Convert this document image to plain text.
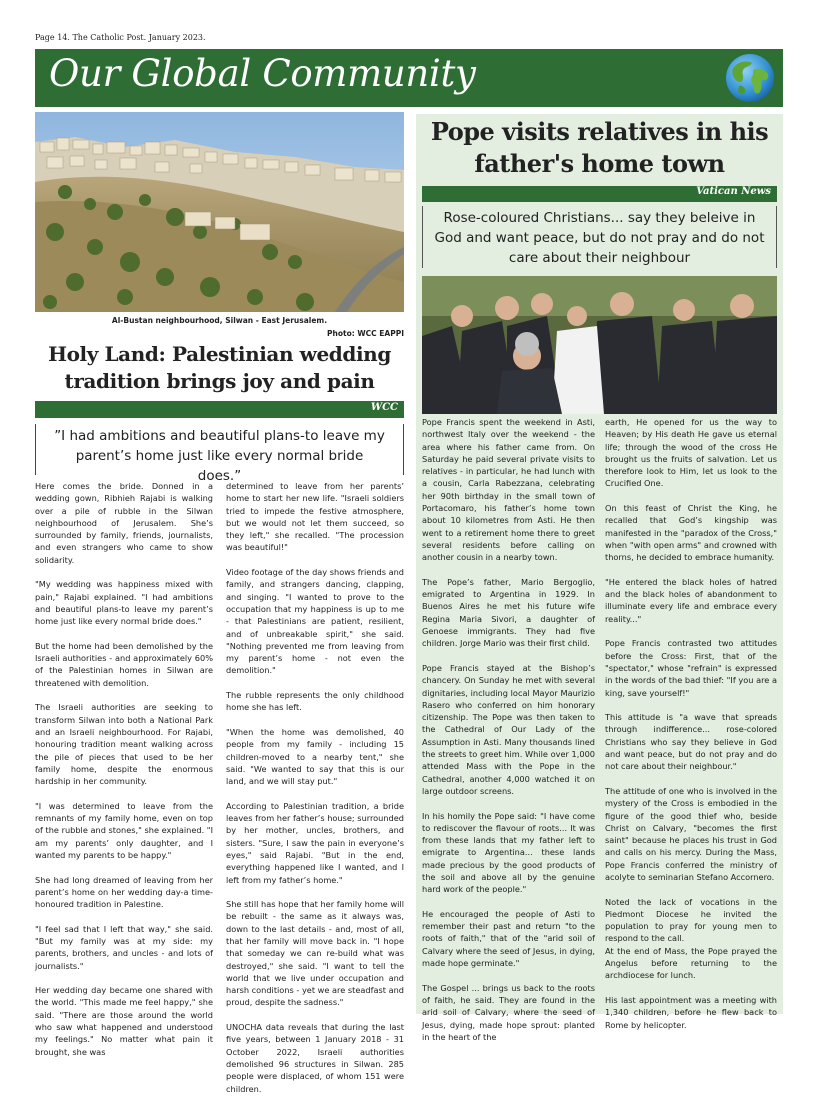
Page 14. The Catholic Post. January 2023.
Our Global Community
Al-Bustan neighbourhood, Silwan - East Jerusalem.
Photo: WCC EAPPI
Holy Land: Palestinian wedding tradition brings joy and pain
WCC
”I had ambitions and beautiful plans-to leave my parent’s home just like every normal bride does.”

Here comes the bride. Donned in a wedding gown, Ribhieh Rajabi is walking over a pile of rubble in the Silwan neighbourhood of Jerusalem. She’s surrounded by family, friends, journalists, and even strangers who came to show solidarity.

"My wedding was happiness mixed with pain," Rajabi explained. "I had ambitions and beautiful plans-to leave my parent’s home just like every normal bride does."

But the home had been demolished by the Israeli authorities - and approximately 60% of the Palestinian homes in Silwan are threatened with demolition.

The Israeli authorities are seeking to transform Silwan into both a National Park and an Israeli neighbourhood. For Rajabi, honouring tradition meant walking across the pile of pieces that used to be her family home, despite the enormous hardship in her community.

"I was determined to leave from the remnants of my family home, even on top of the rubble and stones," she explained. "I am my parents’ only daughter, and I wanted my parents to be happy."

She had long dreamed of leaving from her parent’s home on her wedding day-a time-honoured tradition in Palestine.

"I feel sad that I left that way," she said. "But my family was at my side: my parents, brothers, and uncles - and lots of journalists."

Her wedding day became one shared with the world. "This made me feel happy," she said. "There are those around the world who saw what happened and understood my feelings." No matter what pain it brought, she was

determined to leave from her parents’ home to start her new life. "Israeli soldiers tried to impede the festive atmosphere, but we would not let them succeed, so they left," she recalled. "The procession was beautiful!"

Video footage of the day shows friends and family, and strangers dancing, clapping, and singing. "I wanted to prove to the occupation that my happiness is up to me - that Palestinians are patient, resilient, and of unbreakable spirit," she said. "Nothing prevented me from leaving from my parent’s home - not even the demolition."

The rubble represents the only childhood home she has left.

"When the home was demolished, 40 people from my family - including 15 children-moved to a nearby tent," she said. "We wanted to say that this is our land, and we will stay put."

According to Palestinian tradition, a bride leaves from her father’s house; surrounded by her mother, uncles, brothers, and sisters. "Sure, I saw the pain in everyone’s eyes," said Rajabi. "But in the end, everything happened like I wanted, and I left from my father’s home."

She still has hope that her family home will be rebuilt - the same as it always was, down to the last details - and, most of all, that her family will move back in. "I hope that someday we can re-build what was destroyed," she said. "I want to tell the world that we live under occupation and harsh conditions - yet we are steadfast and proud, despite the sadness."

UNOCHA data reveals that during the last five years, between 1 January 2018 - 31 October 2022, Israeli authorities demolished 96 structures in Silwan. 285 people were displaced, of whom 151 were children.

Pope visits relatives in his father's home town
Vatican News
Rose-coloured Christians... say they beleive in God and want peace, but do not pray and do not care about their neighbour

Pope Francis spent the weekend in Asti, northwest Italy over the weekend - the area where his father came from. On Saturday he paid several private visits to relatives - in particular, he had lunch with a cousin, Carla Rabezzana, celebrating her 90th birthday in the small town of Portacomaro, his father’s home town about 10 kilometres from Asti. He then went to a retirement home there to greet several residents before calling on another cousin in a nearby town.

The Pope’s father, Mario Bergoglio, emigrated to Argentina in 1929. In Buenos Aires he met his future wife Regina Maria Sivori, a daughter of Genoese immigrants. They had five children. Jorge Mario was their first child.

Pope Francis stayed at the Bishop’s chancery. On Sunday he met with several dignitaries, including local Mayor Maurizio Rasero who conferred on him honorary citizenship. The Pope was then taken to the Cathedral of Our Lady of the Assumption in Asti. Many thousands lined the streets to greet him. While over 1,000 attended Mass with the Pope in the Cathedral, another 4,000 watched it on large outdoor screens.

In his homily the Pope said: "I have come to rediscover the flavour of roots... It was from these lands that my father left to emigrate to Argentina... these lands made precious by the good products of the soil and above all by the genuine hard work of the people."

He encouraged the people of Asti to remember their past and return "to the roots of faith," that of the "arid soil of Calvary where the seed of Jesus, in dying, made hope germinate."

The Gospel ... brings us back to the roots of faith, he said. They are found in the arid soil of Calvary, where the seed of Jesus, dying, made hope sprout: planted in the heart of the

earth, He opened for us the way to Heaven; by His death He gave us eternal life; through the wood of the cross He brought us the fruits of salvation. Let us therefore look to Him, let us look to the Crucified One.

On this feast of Christ the King, he recalled that God’s kingship was manifested in the "paradox of the Cross," when "with open arms" and crowned with thorns, he decided to embrace humanity.

"He entered the black holes of hatred and the black holes of abandonment to illuminate every life and embrace every reality..."

Pope Francis contrasted two attitudes before the Cross: First, that of the "spectator," whose "refrain" is expressed in the words of the bad thief: "If you are a king, save yourself!"

This attitude is "a wave that spreads through indifference... rose-colored Christians who say they believe in God and want peace, but do not pray and do not care about their neighbour."

The attitude of one who is involved in the mystery of the Cross is embodied in the figure of the good thief who, beside Christ on Calvary, "becomes the first saint" because he places his trust in God and calls on his mercy. During the Mass, Pope Francis conferred the ministry of acolyte to seminarian Stefano Accornero.

Noted the lack of vocations in the Piedmont Diocese he invited the population to pray for young men to respond to the call.

At the end of Mass, the Pope prayed the Angelus before returning to the archdiocese for lunch.

His last appointment was a meeting with 1,340 children, before he flew back to Rome by helicopter.
